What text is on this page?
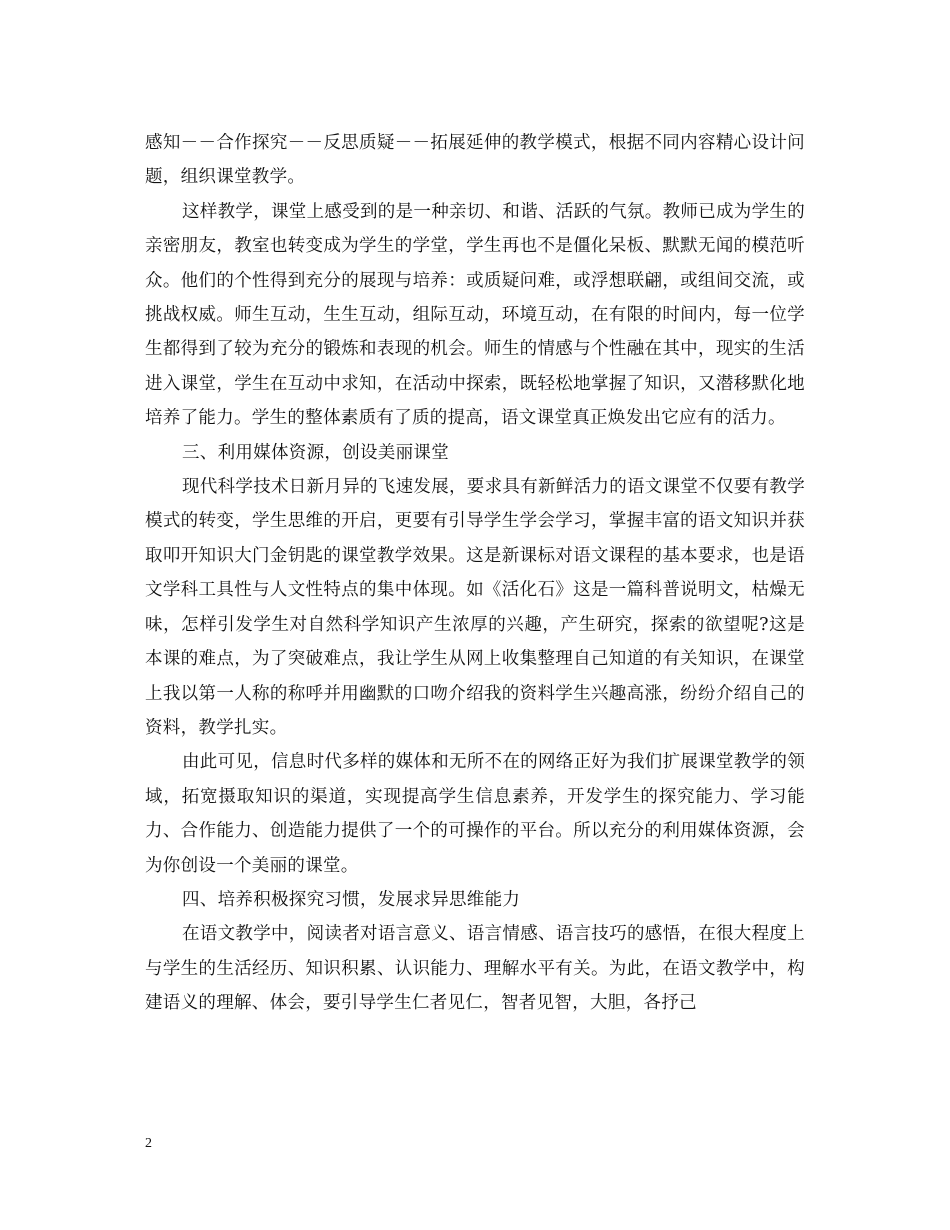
感知－－合作探究－－反思质疑－－拓展延伸的教学模式，根据不同内容精心设计问题，组织课堂教学。

这样教学，课堂上感受到的是一种亲切、和谐、活跃的气氛。教师已成为学生的亲密朋友，教室也转变成为学生的学堂，学生再也不是僵化呆板、默默无闻的模范听众。他们的个性得到充分的展现与培养：或质疑问难，或浮想联翩，或组间交流，或挑战权威。师生互动，生生互动，组际互动，环境互动，在有限的时间内，每一位学生都得到了较为充分的锻炼和表现的机会。师生的情感与个性融在其中，现实的生活进入课堂，学生在互动中求知，在活动中探索，既轻松地掌握了知识，又潜移默化地培养了能力。学生的整体素质有了质的提高，语文课堂真正焕发出它应有的活力。

三、利用媒体资源，创设美丽课堂

现代科学技术日新月异的飞速发展，要求具有新鲜活力的语文课堂不仅要有教学模式的转变，学生思维的开启，更要有引导学生学会学习，掌握丰富的语文知识并获取叩开知识大门金钥匙的课堂教学效果。这是新课标对语文课程的基本要求，也是语文学科工具性与人文性特点的集中体现。如《活化石》这是一篇科普说明文，枯燥无味，怎样引发学生对自然科学知识产生浓厚的兴趣，产生研究，探索的欲望呢?这是本课的难点，为了突破难点，我让学生从网上收集整理自己知道的有关知识，在课堂上我以第一人称的称呼并用幽默的口吻介绍我的资料学生兴趣高涨，纷纷介绍自己的资料，教学扎实。

由此可见，信息时代多样的媒体和无所不在的网络正好为我们扩展课堂教学的领域，拓宽摄取知识的渠道，实现提高学生信息素养，开发学生的探究能力、学习能力、合作能力、创造能力提供了一个的可操作的平台。所以充分的利用媒体资源，会为你创设一个美丽的课堂。

四、培养积极探究习惯，发展求异思维能力

在语文教学中，阅读者对语言意义、语言情感、语言技巧的感悟，在很大程度上与学生的生活经历、知识积累、认识能力、理解水平有关。为此，在语文教学中，构建语义的理解、体会，要引导学生仁者见仁，智者见智，大胆，各抒己

2
